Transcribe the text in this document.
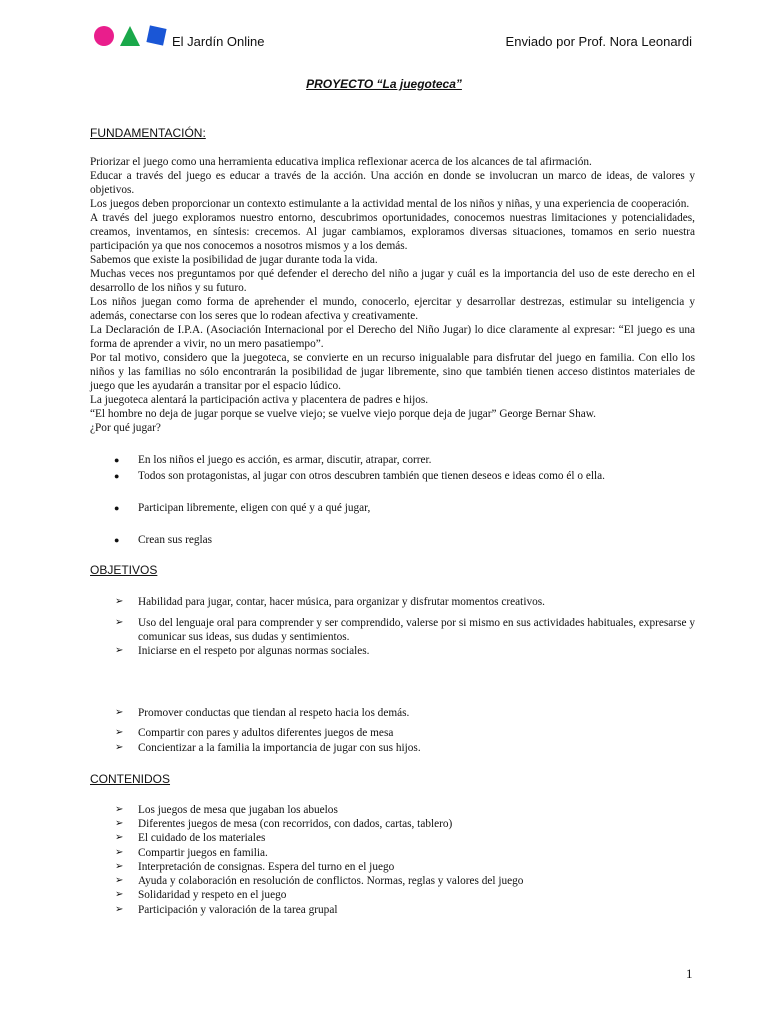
El Jardín Online	Enviado por Prof. Nora Leonardi
PROYECTO “La juegoteca”
FUNDAMENTACIÓN:

Priorizar el juego como una herramienta educativa implica reflexionar acerca de los alcances de tal afirmación.

Educar a través del juego es educar a través de la acción. Una acción en donde se involucran un marco de ideas, de valores y objetivos.

Los juegos deben proporcionar un contexto estimulante a la actividad mental de los niños y niñas, y una experiencia de cooperación.

A través del juego exploramos nuestro entorno, descubrimos oportunidades, conocemos nuestras limitaciones y potencialidades, creamos, inventamos, en síntesis: crecemos. Al jugar cambiamos, exploramos diversas situaciones, tomamos en serio nuestra participación ya que nos conocemos a nosotros mismos y a los demás.

Sabemos que existe la posibilidad de jugar durante toda la vida.

Muchas veces nos preguntamos por qué defender el derecho del niño a jugar y cuál es la importancia del uso de este derecho en el desarrollo de los niños y su futuro.

Los niños juegan como forma de aprehender el mundo, conocerlo, ejercitar y desarrollar destrezas, estimular su inteligencia y además, conectarse con los seres que lo rodean afectiva y creativamente.

La Declaración de I.P.A. (Asociación Internacional por el Derecho del Niño Jugar) lo dice claramente al expresar: “El juego es una forma de aprender a vivir, no un mero pasatiempo”.

Por tal motivo, considero que la juegoteca, se convierte en un recurso inigualable para disfrutar del juego en familia. Con ello los niños y las familias no sólo encontrarán la posibilidad de jugar libremente, sino que también tienen acceso distintos materiales de juego que les ayudarán a transitar por el espacio lúdico.

La juegoteca alentará la participación activa y placentera de padres e hijos.

“El hombre no deja de jugar porque se vuelve viejo; se vuelve viejo porque deja de jugar” George Bernar Shaw.

¿Por qué jugar?

● En los niños el juego es acción, es armar, discutir, atrapar, correr.
● Todos son protagonistas, al jugar con otros descubren también que tienen deseos e ideas como él o ella.
● Participan libremente, eligen con qué y a qué jugar,
● Crean sus reglas
OBJETIVOS
➢ Habilidad para jugar, contar, hacer música, para organizar y disfrutar momentos creativos.
➢ Uso del lenguaje oral para comprender y ser comprendido, valerse por si mismo en sus actividades habituales, expresarse y comunicar sus ideas, sus dudas y sentimientos.
➢ Iniciarse en el respeto por algunas normas sociales.
➢ Promover conductas que tiendan al respeto hacia los demás.
➢ Compartir con pares y adultos diferentes juegos de mesa
➢ Concientizar a la familia la importancia de jugar con sus hijos.
CONTENIDOS
➢ Los juegos de mesa que jugaban los abuelos
➢ Diferentes juegos de mesa (con recorridos, con dados, cartas, tablero)
➢ El cuidado de los materiales
➢ Compartir juegos en familia.
➢ Interpretación de consignas. Espera del turno en el juego
➢ Ayuda y colaboración en resolución de conflictos. Normas, reglas y valores del juego
➢ Solidaridad y respeto en el juego
➢ Participación y valoración de la tarea grupal
1
